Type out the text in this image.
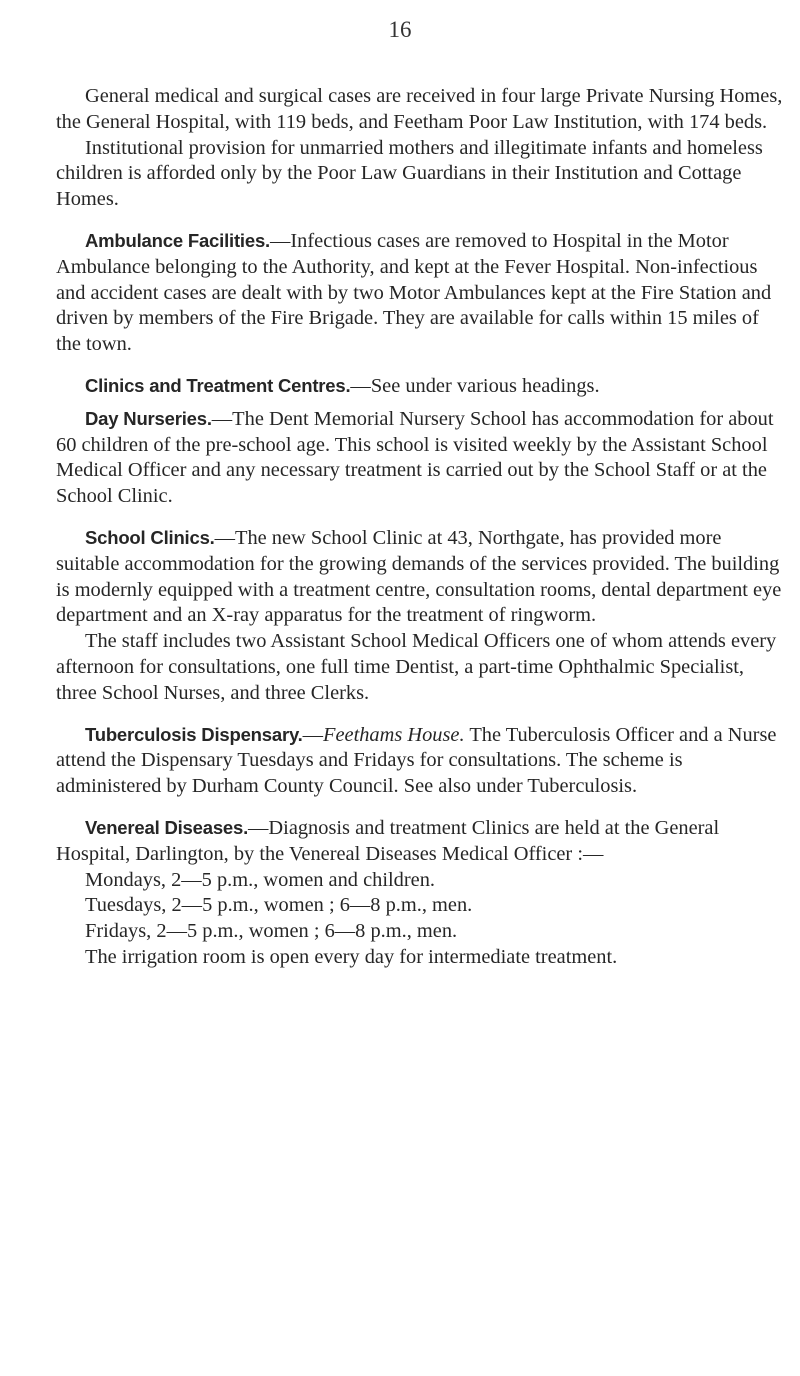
16

General medical and surgical cases are received in four large Private Nursing Homes, the General Hospital, with 119 beds, and Feetham Poor Law Institution, with 174 beds.

Institutional provision for unmarried mothers and illegitimate infants and homeless children is afforded only by the Poor Law Guardians in their Institution and Cottage Homes.

Ambulance Facilities.—Infectious cases are removed to Hospital in the Motor Ambulance belonging to the Authority, and kept at the Fever Hospital. Non-infectious and accident cases are dealt with by two Motor Ambulances kept at the Fire Station and driven by members of the Fire Brigade. They are available for calls within 15 miles of the town.

Clinics and Treatment Centres.—See under various headings.

Day Nurseries.—The Dent Memorial Nursery School has accommodation for about 60 children of the pre-school age. This school is visited weekly by the Assistant School Medical Officer and any necessary treatment is carried out by the School Staff or at the School Clinic.

School Clinics.—The new School Clinic at 43, Northgate, has provided more suitable accommodation for the growing demands of the services provided. The building is modernly equipped with a treatment centre, consultation rooms, dental department eye department and an X-ray apparatus for the treatment of ringworm.

The staff includes two Assistant School Medical Officers one of whom attends every afternoon for consultations, one full time Dentist, a part-time Ophthalmic Specialist, three School Nurses, and three Clerks.

Tuberculosis Dispensary.—Feethams House. The Tuberculosis Officer and a Nurse attend the Dispensary Tuesdays and Fridays for consultations. The scheme is administered by Durham County Council. See also under Tuberculosis.

Venereal Diseases.—Diagnosis and treatment Clinics are held at the General Hospital, Darlington, by the Venereal Diseases Medical Officer :—

Mondays, 2—5 p.m., women and children.
Tuesdays, 2—5 p.m., women ; 6—8 p.m., men.
Fridays, 2—5 p.m., women ; 6—8 p.m., men.

The irrigation room is open every day for intermediate treatment.
